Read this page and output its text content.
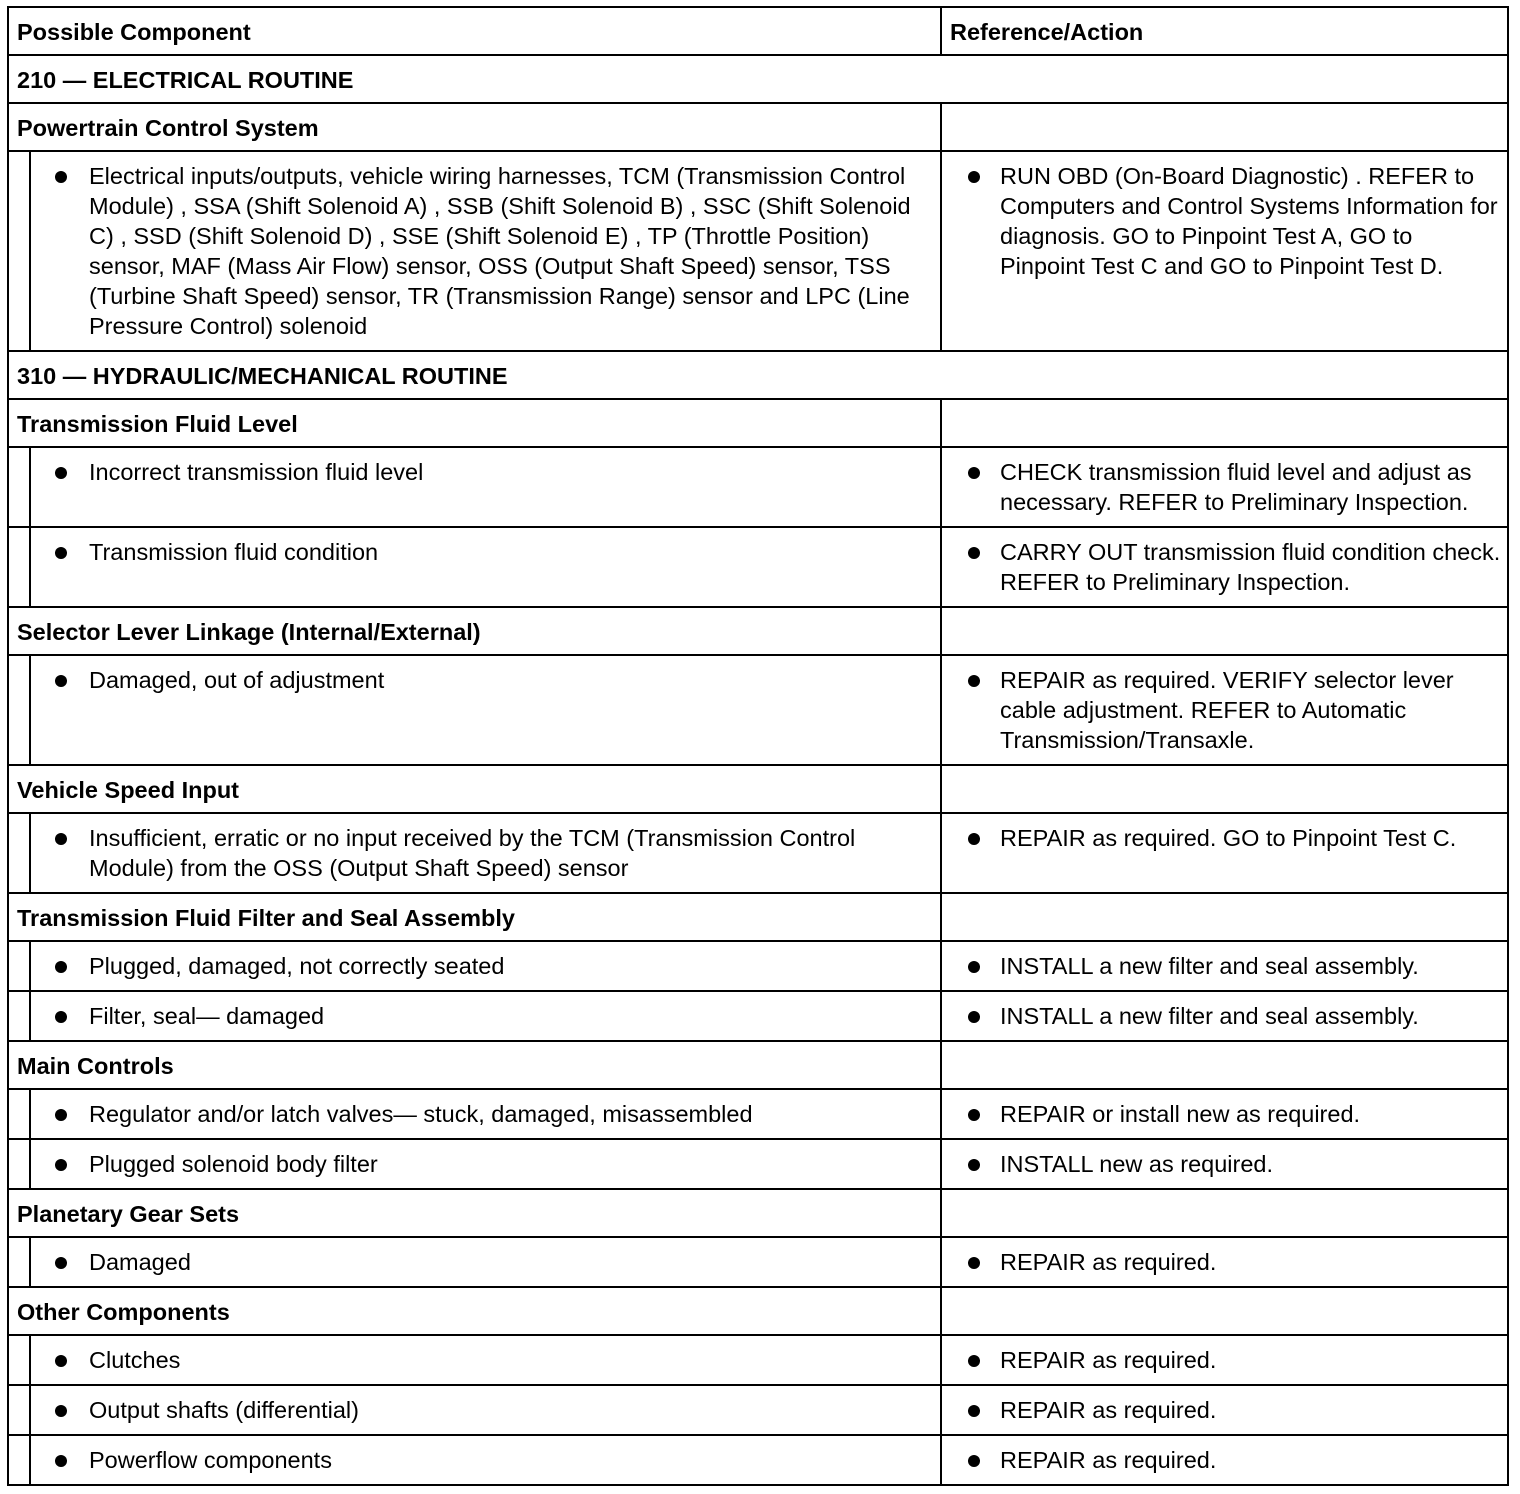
Possible Component		Reference/Action
210 — ELECTRICAL ROUTINE		
Powertrain Control System		

	Electrical inputs/outputs, vehicle wiring harnesses, TCM (Transmission Control Module) , SSA (Shift Solenoid A) , SSB (Shift Solenoid B) , SSC (Shift Solenoid C) , SSD (Shift Solenoid D) , SSE (Shift Solenoid E) , TP (Throttle Position) sensor, MAF (Mass Air Flow) sensor, OSS (Output Shaft Speed) sensor, TSS (Turbine Shaft Speed) sensor, TR (Transmission Range) sensor and LPC (Line Pressure Control) solenoid	RUN OBD (On-Board Diagnostic) . REFER to Computers and Control Systems Information for diagnosis. GO to Pinpoint Test A, GO to Pinpoint Test C and GO to Pinpoint Test D.

310 — HYDRAULIC/MECHANICAL ROUTINE		
Transmission Fluid Level		

	Incorrect transmission fluid level	CHECK transmission fluid level and adjust as necessary. REFER to Preliminary Inspection.

	Transmission fluid condition	CARRY OUT transmission fluid condition check. REFER to Preliminary Inspection.

Selector Lever Linkage (Internal/External)		

	Damaged, out of adjustment	REPAIR as required. VERIFY selector lever cable adjustment. REFER to Automatic Transmission/Transaxle.

Vehicle Speed Input		

	Insufficient, erratic or no input received by the TCM (Transmission Control Module) from the OSS (Output Shaft Speed) sensor	REPAIR as required. GO to Pinpoint Test C.

Transmission Fluid Filter and Seal Assembly		

	Plugged, damaged, not correctly seated	INSTALL a new filter and seal assembly.

	Filter, seal— damaged	INSTALL a new filter and seal assembly.

Main Controls		

	Regulator and/or latch valves— stuck, damaged, misassembled	REPAIR or install new as required.

	Plugged solenoid body filter	INSTALL new as required.

Planetary Gear Sets		

	Damaged	REPAIR as required.

Other Components		

	Clutches	REPAIR as required.

	Output shafts (differential)	REPAIR as required.

	Powerflow components	REPAIR as required.
